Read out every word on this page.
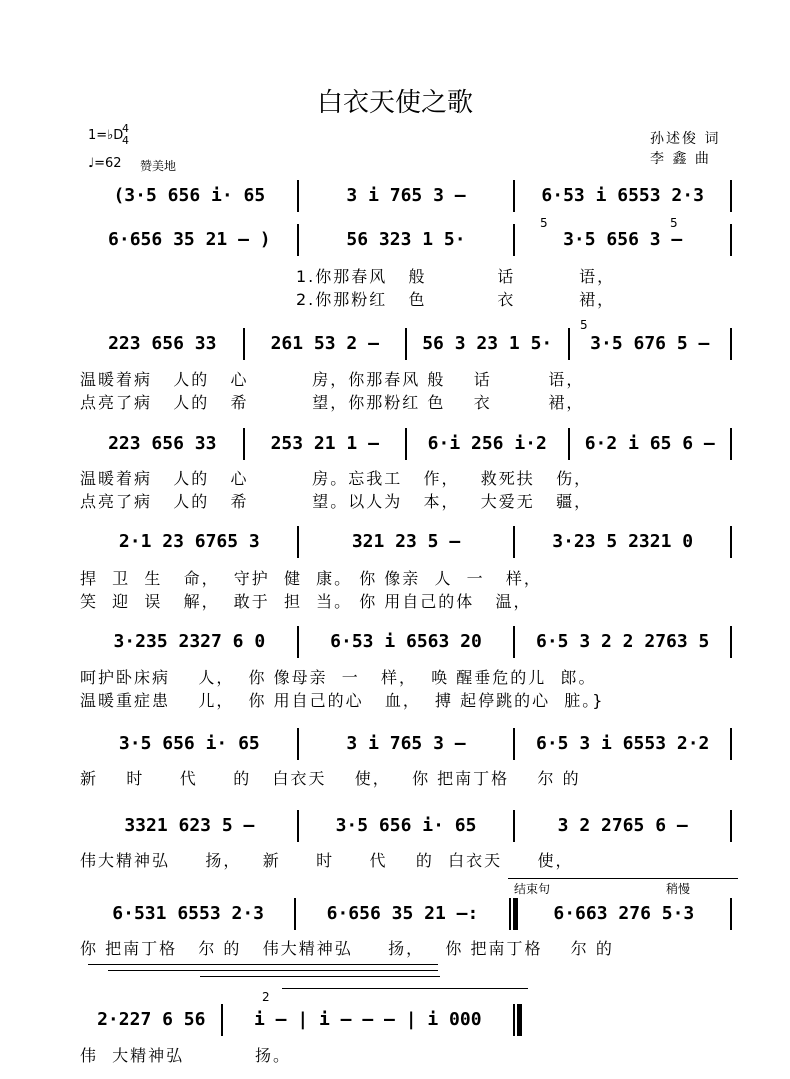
白衣天使之歌
1=♭D
4
4
♩=62 赞美地
孙述俊 词
李 鑫 曲
(3·5 656 i· 65	3 i 765 3 –	6·53 i 6553 2·3
6·656 35 21 – )	56 323 1 5·	3·5 656 3 –
5	5
1.你那春风   般          话         语，
2.你那粉红   色          衣         裙，
223 656 33	261 53 2 –	56 3 23 1 5·	3·5 676 5 –
5
温暖着病   人的   心         房，你那春风 般    话        语，
点亮了病   人的   希         望，你那粉红 色    衣        裙，
223 656 33	253 21 1 –	6·i 256 i·2	6·2 i 65 6 –
温暖着病   人的   心         房。忘我工   作，   救死扶   伤，
点亮了病   人的   希         望。以人为   本，   大爱无   疆，
2·1 23 6765 3	321 23 5 –	3·23 5 2321 0
捍  卫  生   命，  守护  健  康。 你 像亲  人  一   样，
笑  迎  误   解，  敢于  担  当。 你 用自己的体   温，
3·235 2327 6 0	6·53 i 6563 20	6·5 3 2 2 2763 5
呵护卧床病    人，  你 像母亲  一   样，  唤 醒垂危的儿  郎。
温暖重症患    儿，  你 用自己的心   血，  搏 起停跳的心  脏。}
3·5 656 i· 65	3 i 765 3 –	6·5 3 i 6553 2·2
新    时     代     的   白衣天    使，   你 把南丁格    尔 的
3321 623 5 –	3·5 656 i· 65	3 2 2765 6 –
伟大精神弘     扬，   新     时     代    的  白衣天     使，
结束句	稍慢
6·531 6553 2·3	6·656 35 21 –:	6·663 276 5·3
你 把南丁格   尔 的   伟大精神弘     扬，   你 把南丁格    尔 的
2
2·227 6 56	i – | i – – – | i 000
伟  大精神弘          扬。
